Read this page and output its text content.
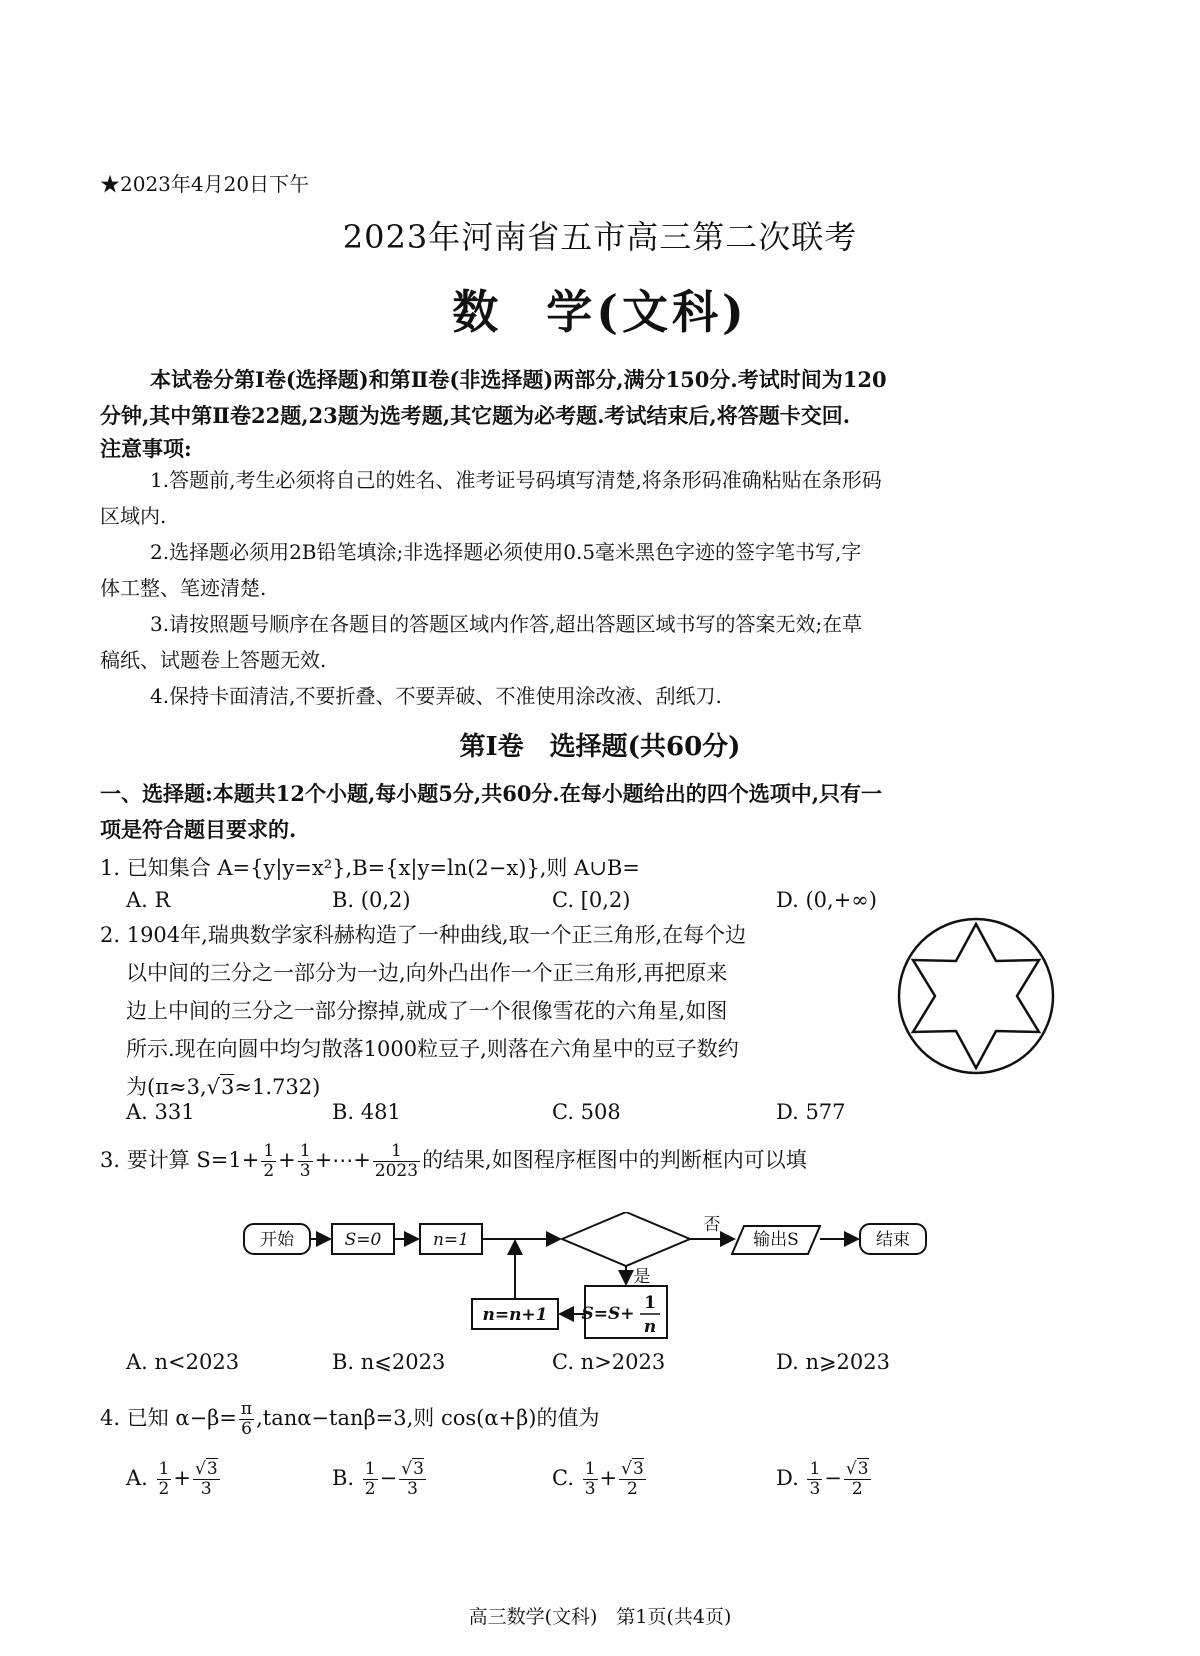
★2023年4月20日下午
2023年河南省五市高三第二次联考
数 学(文科)
本试卷分第Ⅰ卷(选择题)和第Ⅱ卷(非选择题)两部分,满分150分.考试时间为120
分钟,其中第Ⅱ卷22题,23题为选考题,其它题为必考题.考试结束后,将答题卡交回.
注意事项:
1.答题前,考生必须将自己的姓名、准考证号码填写清楚,将条形码准确粘贴在条形码
区域内.
2.选择题必须用2B铅笔填涂;非选择题必须使用0.5毫米黑色字迹的签字笔书写,字
体工整、笔迹清楚.
3.请按照题号顺序在各题目的答题区域内作答,超出答题区域书写的答案无效;在草
稿纸、试题卷上答题无效.
4.保持卡面清洁,不要折叠、不要弄破、不准使用涂改液、刮纸刀.
第Ⅰ卷　选择题(共60分)
一、选择题:本题共12个小题,每小题5分,共60分.在每小题给出的四个选项中,只有一
项是符合题目要求的.
1. 已知集合 A={y|y=x²},B={x|y=ln(2−x)},则 A∪B=
A. R	B. (0,2)	C. [0,2)	D. (0,+∞)
2. 1904年,瑞典数学家科赫构造了一种曲线,取一个正三角形,在每个边
以中间的三分之一部分为一边,向外凸出作一个正三角形,再把原来
边上中间的三分之一部分擦掉,就成了一个很像雪花的六角星,如图
所示.现在向圆中均匀散落1000粒豆子,则落在六角星中的豆子数约
为(π≈3,√3≈1.732)
A. 331	B. 481	C. 508	D. 577
3. 要计算 $S=1+ \frac{1}{2} + \frac{1}{3}$ +⋯+ $\frac{1}{2023}$ 的结果,如图程序框图中的判断框内可以填
开始	S=0	n=1
否
输出S	结束
是
n=n+1 S=S+
1
n
A. n<2023	B. n⩽2023	C. n>2023	D. n⩾2023
4. 已知 $\alpha-\beta= \frac{\pi}{6} ,\tan\alpha-\tan\beta=3$,则 cos(α+β)的值为
A. $\frac{1}{2} + \frac{√3}{3}$	B. $\frac{1}{2} - \frac{√3}{3}$	C. $\frac{1}{3} + \frac{√3}{2}$	D. $\frac{1}{3} - \frac{√3}{2}$
高三数学(文科)　第1页(共4页)
